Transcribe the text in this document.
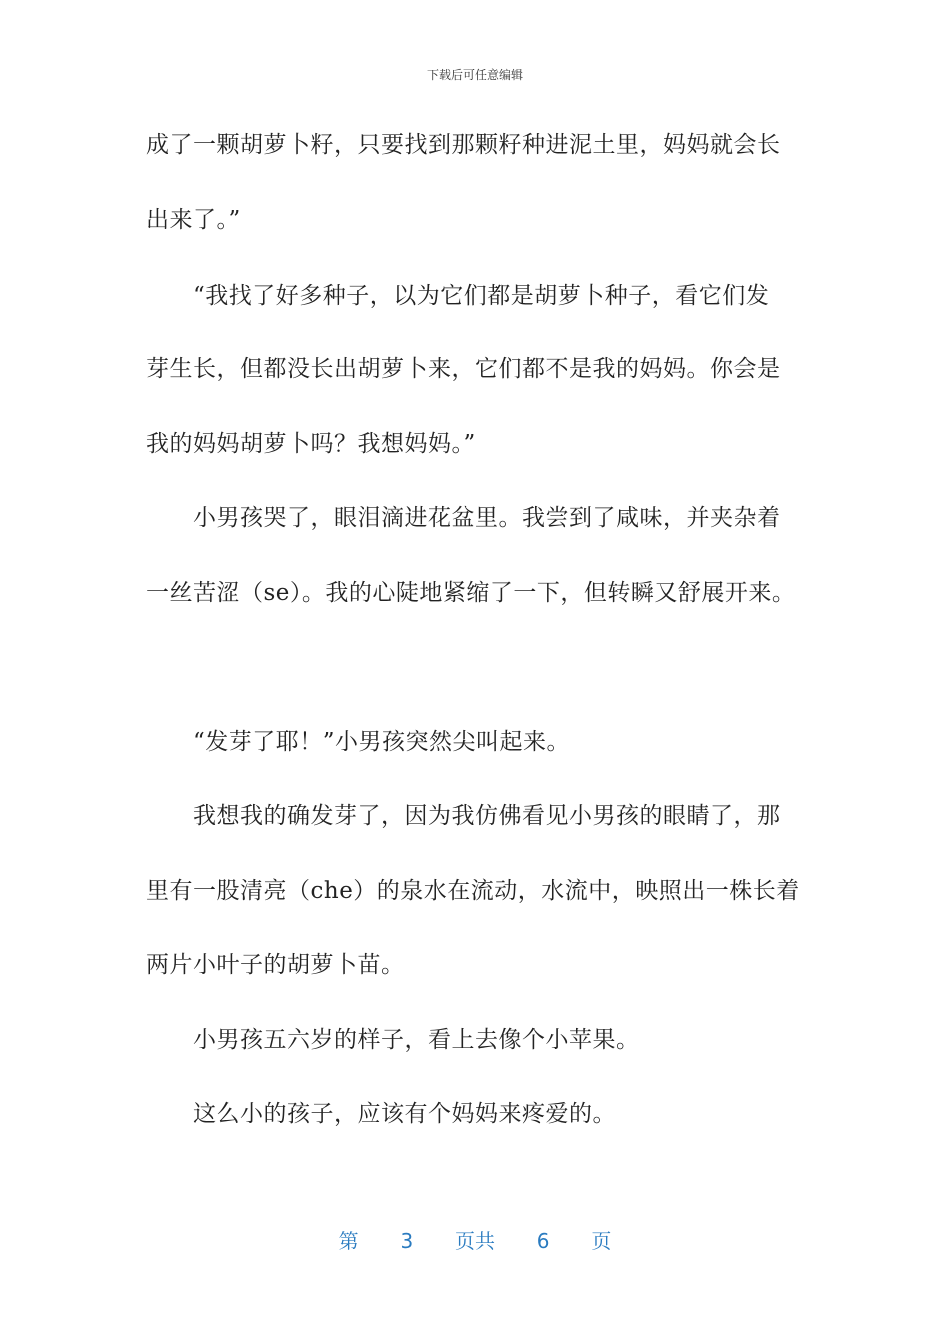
下载后可任意编辑
成了一颗胡萝卜籽，只要找到那颗籽种进泥土里，妈妈就会长
出来了。”
“我找了好多种子，以为它们都是胡萝卜种子，看它们发
芽生长，但都没长出胡萝卜来，它们都不是我的妈妈。你会是
我的妈妈胡萝卜吗？我想妈妈。”
小男孩哭了，眼泪滴进花盆里。我尝到了咸味，并夹杂着
一丝苦涩（se）。我的心陡地紧缩了一下，但转瞬又舒展开来。
“发芽了耶！”小男孩突然尖叫起来。
我想我的确发芽了，因为我仿佛看见小男孩的眼睛了，那
里有一股清亮（che）的泉水在流动，水流中，映照出一株长着
两片小叶子的胡萝卜苗。
小男孩五六岁的样子，看上去像个小苹果。
这么小的孩子，应该有个妈妈来疼爱的。
第 3 页共 6 页
